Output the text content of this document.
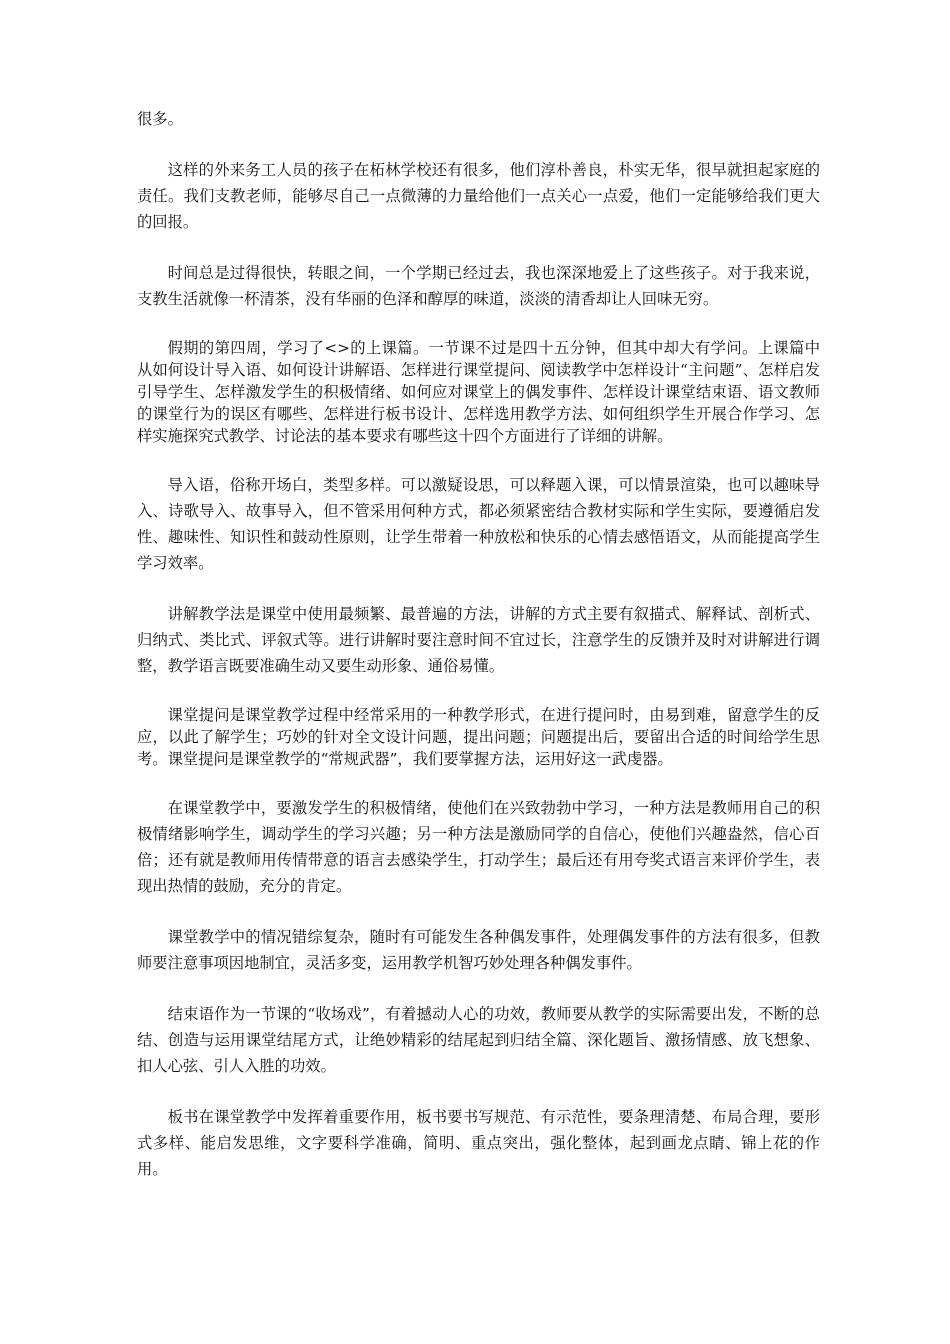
很多。

这样的外来务工人员的孩子在柘林学校还有很多，他们淳朴善良，朴实无华，很早就担起家庭的责任。我们支教老师，能够尽自己一点微薄的力量给他们一点关心一点爱，他们一定能够给我们更大的回报。

时间总是过得很快，转眼之间，一个学期已经过去，我也深深地爱上了这些孩子。对于我来说，支教生活就像一杯清茶，没有华丽的色泽和醇厚的味道，淡淡的清香却让人回味无穷。

假期的第四周，学习了<>的上课篇。一节课不过是四十五分钟，但其中却大有学问。上课篇中从如何设计导入语、如何设计讲解语、怎样进行课堂提问、阅读教学中怎样设计“主问题”、怎样启发引导学生、怎样激发学生的积极情绪、如何应对课堂上的偶发事件、怎样设计课堂结束语、语文教师的课堂行为的误区有哪些、怎样进行板书设计、怎样选用教学方法、如何组织学生开展合作学习、怎样实施探究式教学、讨论法的基本要求有哪些这十四个方面进行了详细的讲解。

导入语，俗称开场白，类型多样。可以激疑设思，可以释题入课，可以情景渲染，也可以趣味导入、诗歌导入、故事导入，但不管采用何种方式，都必须紧密结合教材实际和学生实际，要遵循启发性、趣味性、知识性和鼓动性原则，让学生带着一种放松和快乐的心情去感悟语文，从而能提高学生学习效率。

讲解教学法是课堂中使用最频繁、最普遍的方法，讲解的方式主要有叙描式、解释试、剖析式、归纳式、类比式、评叙式等。进行讲解时要注意时间不宜过长，注意学生的反馈并及时对讲解进行调整，教学语言既要准确生动又要生动形象、通俗易懂。

课堂提问是课堂教学过程中经常采用的一种教学形式，在进行提问时，由易到难，留意学生的反应，以此了解学生；巧妙的针对全文设计问题，提出问题；问题提出后，要留出合适的时间给学生思考。课堂提问是课堂教学的“常规武器”，我们要掌握方法，运用好这一武虔器。

在课堂教学中，要激发学生的积极情绪，使他们在兴致勃勃中学习，一种方法是教师用自己的积极情绪影响学生，调动学生的学习兴趣；另一种方法是激励同学的自信心，使他们兴趣盎然，信心百倍；还有就是教师用传情带意的语言去感染学生，打动学生；最后还有用夸奖式语言来评价学生，表现出热情的鼓励，充分的肯定。

课堂教学中的情况错综复杂，随时有可能发生各种偶发事件，处理偶发事件的方法有很多，但教师要注意事项因地制宜，灵活多变，运用教学机智巧妙处理各种偶发事件。

结束语作为一节课的“收场戏”，有着撼动人心的功效，教师要从教学的实际需要出发，不断的总结、创造与运用课堂结尾方式，让绝妙精彩的结尾起到归结全篇、深化题旨、激扬情感、放飞想象、扣人心弦、引人入胜的功效。

板书在课堂教学中发挥着重要作用，板书要书写规范、有示范性，要条理清楚、布局合理，要形式多样、能启发思维，文字要科学准确，简明、重点突出，强化整体，起到画龙点睛、锦上花的作用。
